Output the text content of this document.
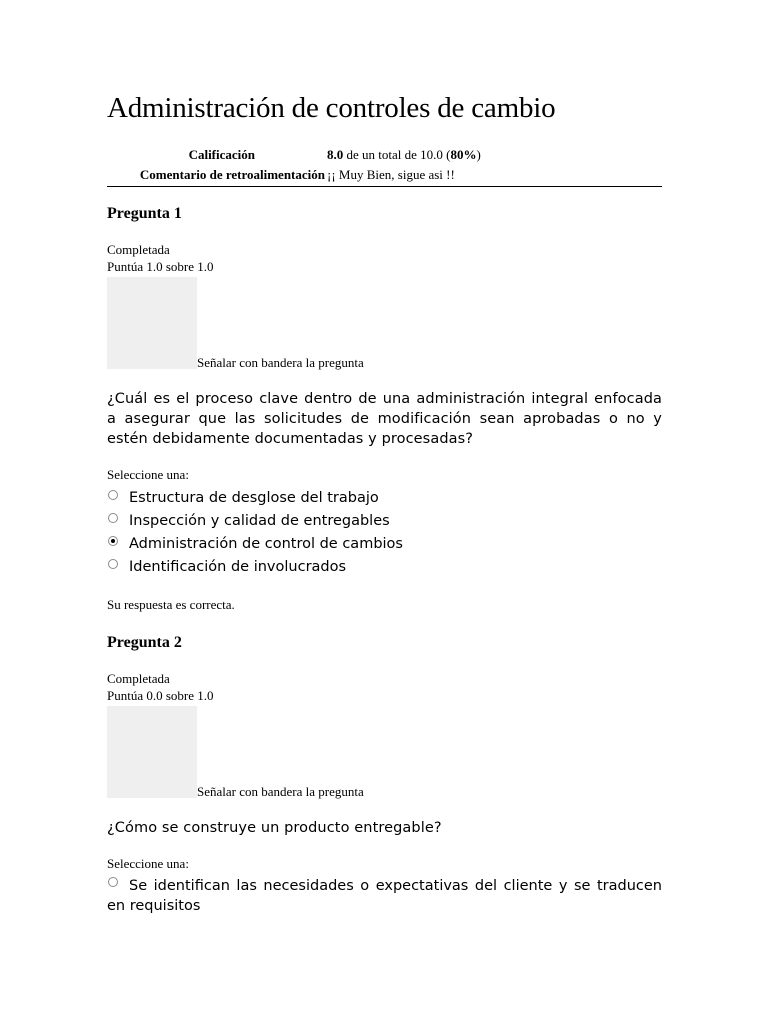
Administración de controles de cambio
Calificación	8.0 de un total de 10.0 (80%)
Comentario de retroalimentación ¡¡ Muy Bien, sigue asi !!

Pregunta 1

Completada
Puntúa 1.0 sobre 1.0
Señalar con bandera la pregunta
¿Cuál es el proceso clave dentro de una administración integral enfocada a asegurar que las solicitudes de modificación sean aprobadas o no y estén debidamente documentadas y procesadas?
Seleccione una:
Estructura de desglose del trabajo
Inspección y calidad de entregables
Administración de control de cambios
Identificación de involucrados
Su respuesta es correcta.

Pregunta 2

Completada
Puntúa 0.0 sobre 1.0
Señalar con bandera la pregunta
¿Cómo se construye un producto entregable?
Seleccione una:
Se identifican las necesidades o expectativas del cliente y se traducen en requisitos
